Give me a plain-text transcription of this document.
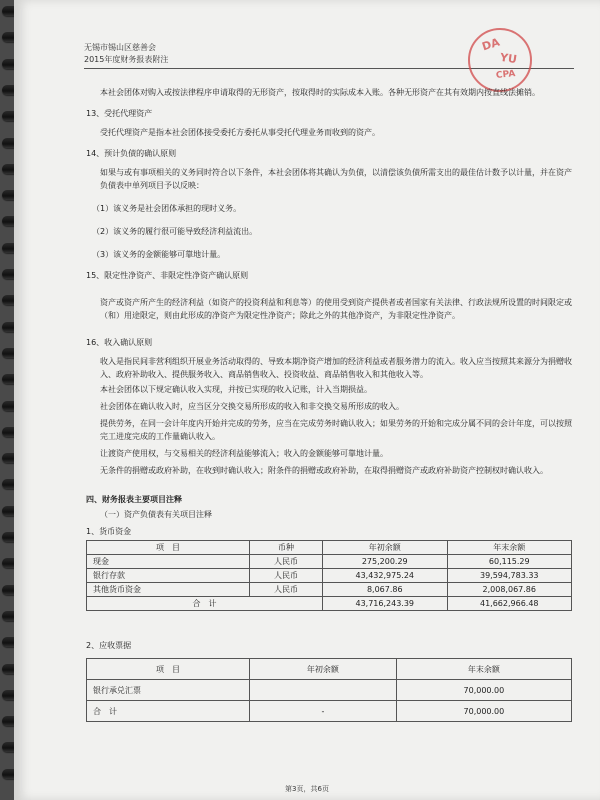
无锡市锡山区慈善会
2015年度财务报表附注
DA
YU
CPA

本社会团体对购入或按法律程序申请取得的无形资产，按取得时的实际成本入账。各种无形资产在其有效期内按直线法摊销。

13、受托代理资产

受托代理资产是指本社会团体接受委托方委托从事受托代理业务而收到的资产。

14、预计负债的确认原则

如果与或有事项相关的义务同时符合以下条件，本社会团体将其确认为负债，以清偿该负债所需支出的最佳估计数予以计量，并在资产负债表中单列项目予以反映：

（1）该义务是社会团体承担的现时义务。

（2）该义务的履行很可能导致经济利益流出。

（3）该义务的金额能够可靠地计量。

15、限定性净资产、非限定性净资产确认原则

资产或资产所产生的经济利益（如资产的投资利益和利息等）的使用受到资产提供者或者国家有关法律、行政法规所设置的时间限定或（和）用途限定，则由此形成的净资产为限定性净资产；除此之外的其他净资产，为非限定性净资产。

16、收入确认原则

收入是指民间非营利组织开展业务活动取得的、导致本期净资产增加的经济利益或者服务潜力的流入。收入应当按照其来源分为捐赠收入、政府补助收入、提供服务收入、商品销售收入、投资收益、商品销售收入和其他收入等。

本社会团体以下规定确认收入实现，并按已实现的收入记账，计入当期损益。

社会团体在确认收入时，应当区分交换交易所形成的收入和非交换交易所形成的收入。

提供劳务，在同一会计年度内开始并完成的劳务，应当在完成劳务时确认收入；如果劳务的开始和完成分属不同的会计年度，可以按照完工进度完成的工作量确认收入。

让渡资产使用权，与交易相关的经济利益能够流入；收入的金额能够可靠地计量。

无条件的捐赠或政府补助，在收到时确认收入；附条件的捐赠或政府补助，在取得捐赠资产或政府补助资产控制权时确认收入。

四、财务报表主要项目注释

（一）资产负债表有关项目注释

1、货币资金

项　目	币种	年初余额	年末余额
现金	人民币	275,200.29	60,115.29
银行存款	人民币	43,432,975.24	39,594,783.33
其他货币资金	人民币	8,067.86	2,008,067.86
合　计		43,716,243.39	41,662,966.48

2、应收票据

项　目	年初余额	年末余额
银行承兑汇票		70,000.00
合　计	-	70,000.00
第3页，共6页
